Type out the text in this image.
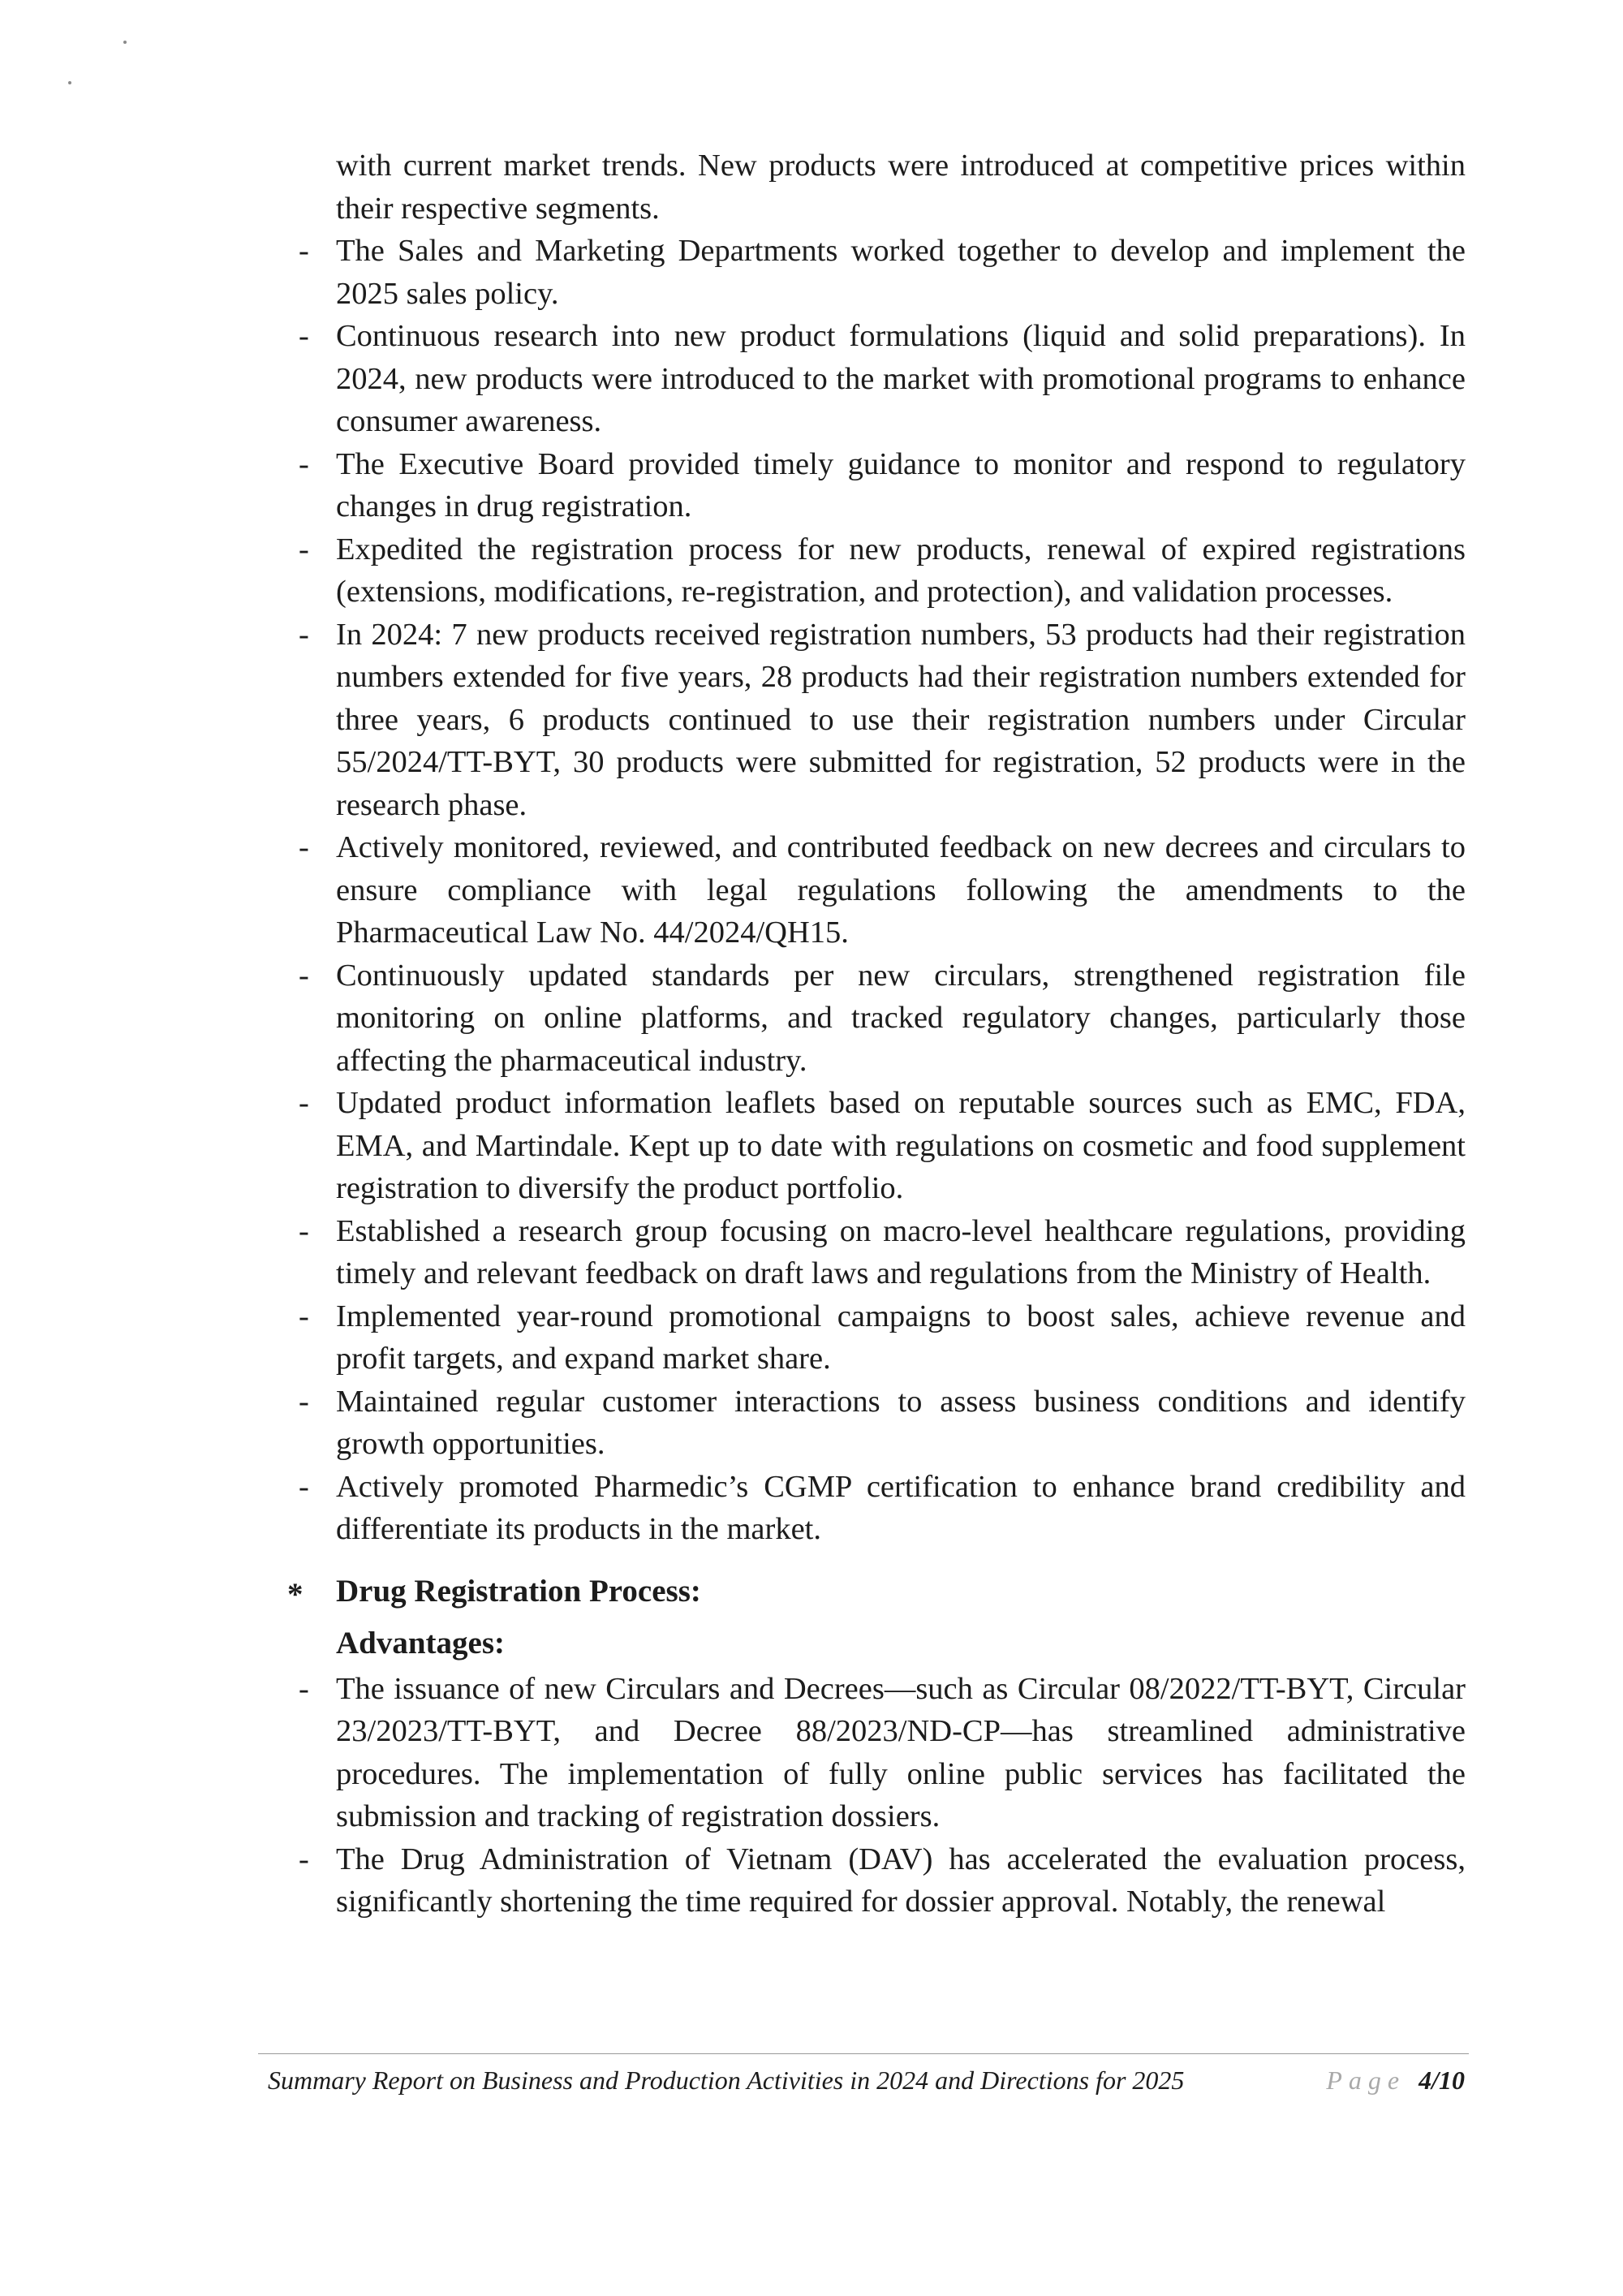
with current market trends. New products were introduced at competitive prices within their respective segments.

- The Sales and Marketing Departments worked together to develop and implement the 2025 sales policy.
- Continuous research into new product formulations (liquid and solid preparations). In 2024, new products were introduced to the market with promotional programs to enhance consumer awareness.
- The Executive Board provided timely guidance to monitor and respond to regulatory changes in drug registration.
- Expedited the registration process for new products, renewal of expired registrations (extensions, modifications, re-registration, and protection), and validation processes.
- In 2024: 7 new products received registration numbers, 53 products had their registration numbers extended for five years, 28 products had their registration numbers extended for three years, 6 products continued to use their registration numbers under Circular 55/2024/TT-BYT, 30 products were submitted for registration, 52 products were in the research phase.
- Actively monitored, reviewed, and contributed feedback on new decrees and circulars to ensure compliance with legal regulations following the amendments to the Pharmaceutical Law No. 44/2024/QH15.
- Continuously updated standards per new circulars, strengthened registration file monitoring on online platforms, and tracked regulatory changes, particularly those affecting the pharmaceutical industry.
- Updated product information leaflets based on reputable sources such as EMC, FDA, EMA, and Martindale. Kept up to date with regulations on cosmetic and food supplement registration to diversify the product portfolio.
- Established a research group focusing on macro-level healthcare regulations, providing timely and relevant feedback on draft laws and regulations from the Ministry of Health.
- Implemented year-round promotional campaigns to boost sales, achieve revenue and profit targets, and expand market share.
- Maintained regular customer interactions to assess business conditions and identify growth opportunities.
- Actively promoted Pharmedic’s CGMP certification to enhance brand credibility and differentiate its products in the market.
* Drug Registration Process:
Advantages:
- The issuance of new Circulars and Decrees—such as Circular 08/2022/TT-BYT, Circular 23/2023/TT-BYT, and Decree 88/2023/ND-CP—has streamlined administrative procedures. The implementation of fully online public services has facilitated the submission and tracking of registration dossiers.
- The Drug Administration of Vietnam (DAV) has accelerated the evaluation process, significantly shortening the time required for dossier approval. Notably, the renewal
Summary Report on Business and Production Activities in 2024 and Directions for 2025	Page 4/10
